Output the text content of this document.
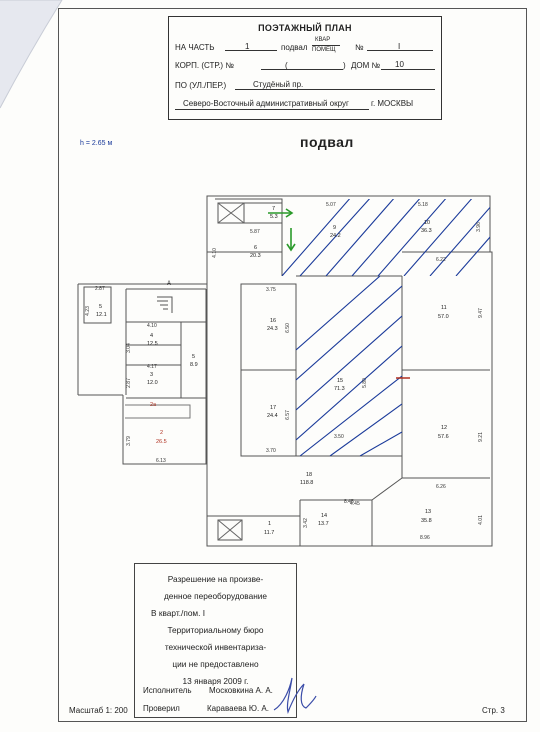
ПОЭТАЖНЫЙ ПЛАН
НА ЧАСТЬ	1	подвал
КВАР
ПОМЕЩ №	I
КОРП. (СТР.) №	(	) ДОМ № 10
ПО (УЛ./ПЕР.)	Студёный пр.
Северо-Восточный административный округ	г. МОСКВЫ
h = 2.65 м	подвал
1
11.7
2
26.5
2а
3
12.0
4
12.5
5
8.9
5
12.1
6
20.3
7
5.3
9
24.2
10
36.3
11
57.0
12
57.6
13
35.8
14
13.7
15
71.3
16
24.3
17
24.4
18
118.8
А
5.07	5.18
3.96
5.87
4.10
6.22
3.75
6.50
9.47
2.87
4.23
4.10
3.04
4.17
2.87
3.79
6.13
6.57
3.70
3.50
5.80
8.45
9.21
6.26
4.45
4.01
3.42
8.96
Разрешение на произве-
денное переоборудование
В кварт./пом. I
Территориальному бюро
технической инвентариза-
ции не предоставлено
13 января 2009 г.
Исполнитель Московкина А. А.
Проверил	Караваева Ю. А.
Масштаб 1: 200	Стр. 3
